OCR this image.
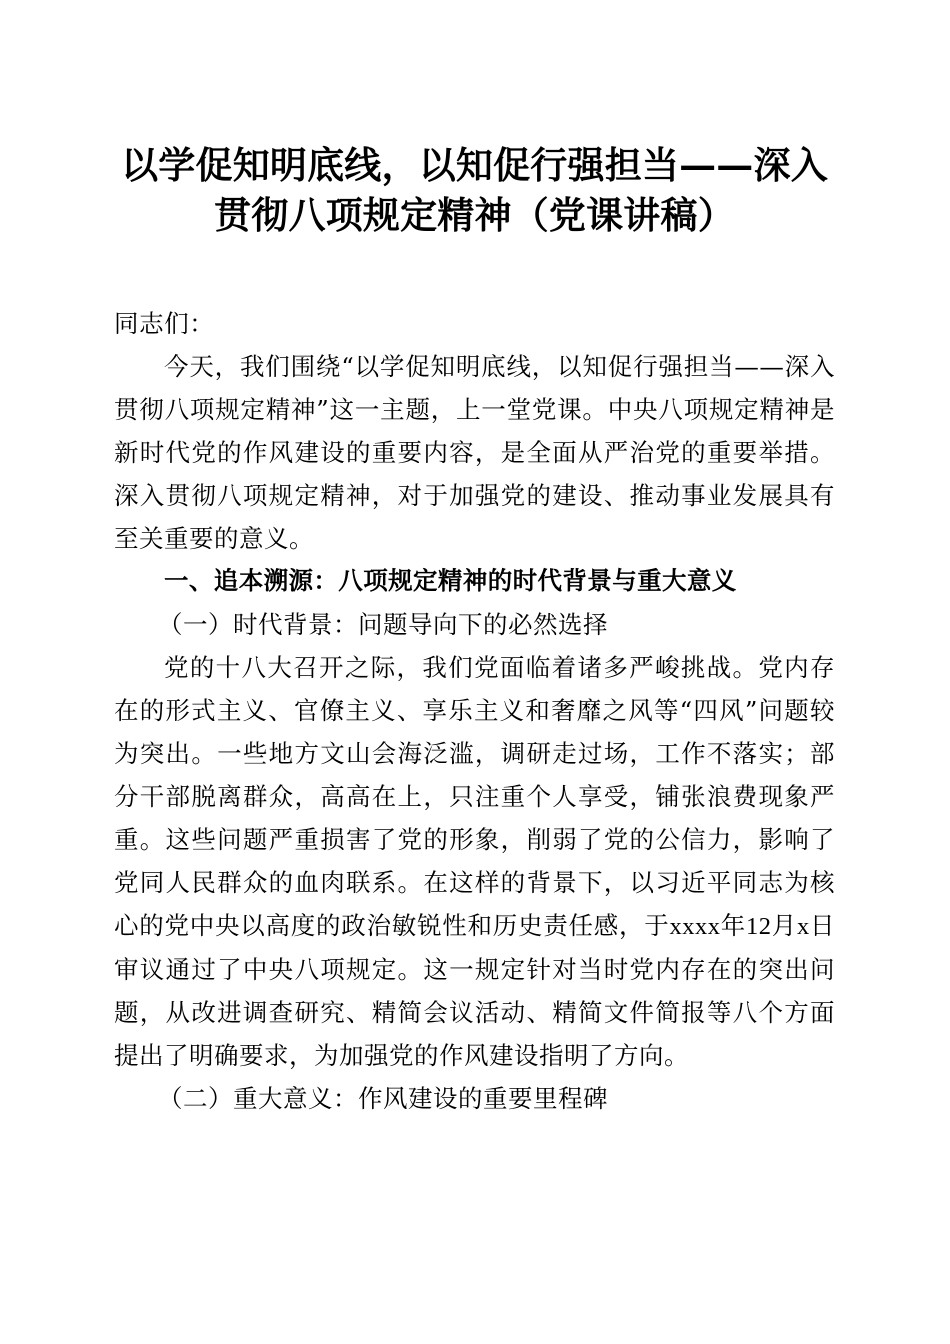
以学促知明底线，以知促行强担当——深入贯彻八项规定精神（党课讲稿）

同志们：

今天，我们围绕“以学促知明底线，以知促行强担当——深入贯彻八项规定精神”这一主题，上一堂党课。中央八项规定精神是新时代党的作风建设的重要内容，是全面从严治党的重要举措。深入贯彻八项规定精神，对于加强党的建设、推动事业发展具有至关重要的意义。

一、追本溯源：八项规定精神的时代背景与重大意义

（一）时代背景：问题导向下的必然选择

党的十八大召开之际，我们党面临着诸多严峻挑战。党内存在的形式主义、官僚主义、享乐主义和奢靡之风等“四风”问题较为突出。一些地方文山会海泛滥，调研走过场，工作不落实；部分干部脱离群众，高高在上，只注重个人享受，铺张浪费现象严重。这些问题严重损害了党的形象，削弱了党的公信力，影响了党同人民群众的血肉联系。在这样的背景下，以习近平同志为核心的党中央以高度的政治敏锐性和历史责任感，于xxxx年12月x日审议通过了中央八项规定。这一规定针对当时党内存在的突出问题，从改进调查研究、精简会议活动、精简文件简报等八个方面提出了明确要求，为加强党的作风建设指明了方向。

（二）重大意义：作风建设的重要里程碑
